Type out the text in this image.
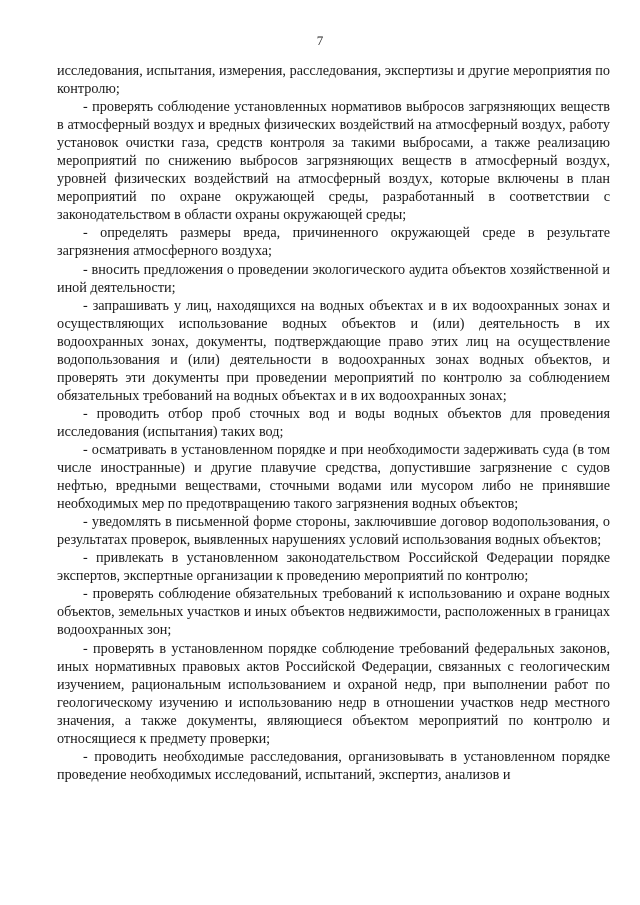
7

исследования, испытания, измерения, расследования, экспертизы и другие мероприятия по контролю;

- проверять соблюдение установленных нормативов выбросов загрязняющих веществ в атмосферный воздух и вредных физических воздействий на атмосферный воздух, работу установок очистки газа, средств контроля за такими выбросами, а также реализацию мероприятий по снижению выбросов загрязняющих веществ в атмосферный воздух, уровней физических воздействий на атмосферный воздух, которые включены в план мероприятий по охране окружающей среды, разработанный в соответствии с законодательством в области охраны окружающей среды;

- определять размеры вреда, причиненного окружающей среде в результате загрязнения атмосферного воздуха;

- вносить предложения о проведении экологического аудита объектов хозяйственной и иной деятельности;

- запрашивать у лиц, находящихся на водных объектах и в их водоохранных зонах и осуществляющих использование водных объектов и (или) деятельность в их водоохранных зонах, документы, подтверждающие право этих лиц на осуществление водопользования и (или) деятельности в водоохранных зонах водных объектов, и проверять эти документы при проведении мероприятий по контролю за соблюдением обязательных требований на водных объектах и в их водоохранных зонах;

- проводить отбор проб сточных вод и воды водных объектов для проведения исследования (испытания) таких вод;

- осматривать в установленном порядке и при необходимости задерживать суда (в том числе иностранные) и другие плавучие средства, допустившие загрязнение с судов нефтью, вредными веществами, сточными водами или мусором либо не принявшие необходимых мер по предотвращению такого загрязнения водных объектов;

- уведомлять в письменной форме стороны, заключившие договор водопользования, о результатах проверок, выявленных нарушениях условий использования водных объектов;

- привлекать в установленном законодательством Российской Федерации порядке экспертов, экспертные организации к проведению мероприятий по контролю;

- проверять соблюдение обязательных требований к использованию и охране водных объектов, земельных участков и иных объектов недвижимости, расположенных в границах водоохранных зон;

- проверять в установленном порядке соблюдение требований федеральных законов, иных нормативных правовых актов Российской Федерации, связанных с геологическим изучением, рациональным использованием и охраной недр, при выполнении работ по геологическому изучению и использованию недр в отношении участков недр местного значения, а также документы, являющиеся объектом мероприятий по контролю и относящиеся к предмету проверки;

- проводить необходимые расследования, организовывать в установленном порядке проведение необходимых исследований, испытаний, экспертиз, анализов и
